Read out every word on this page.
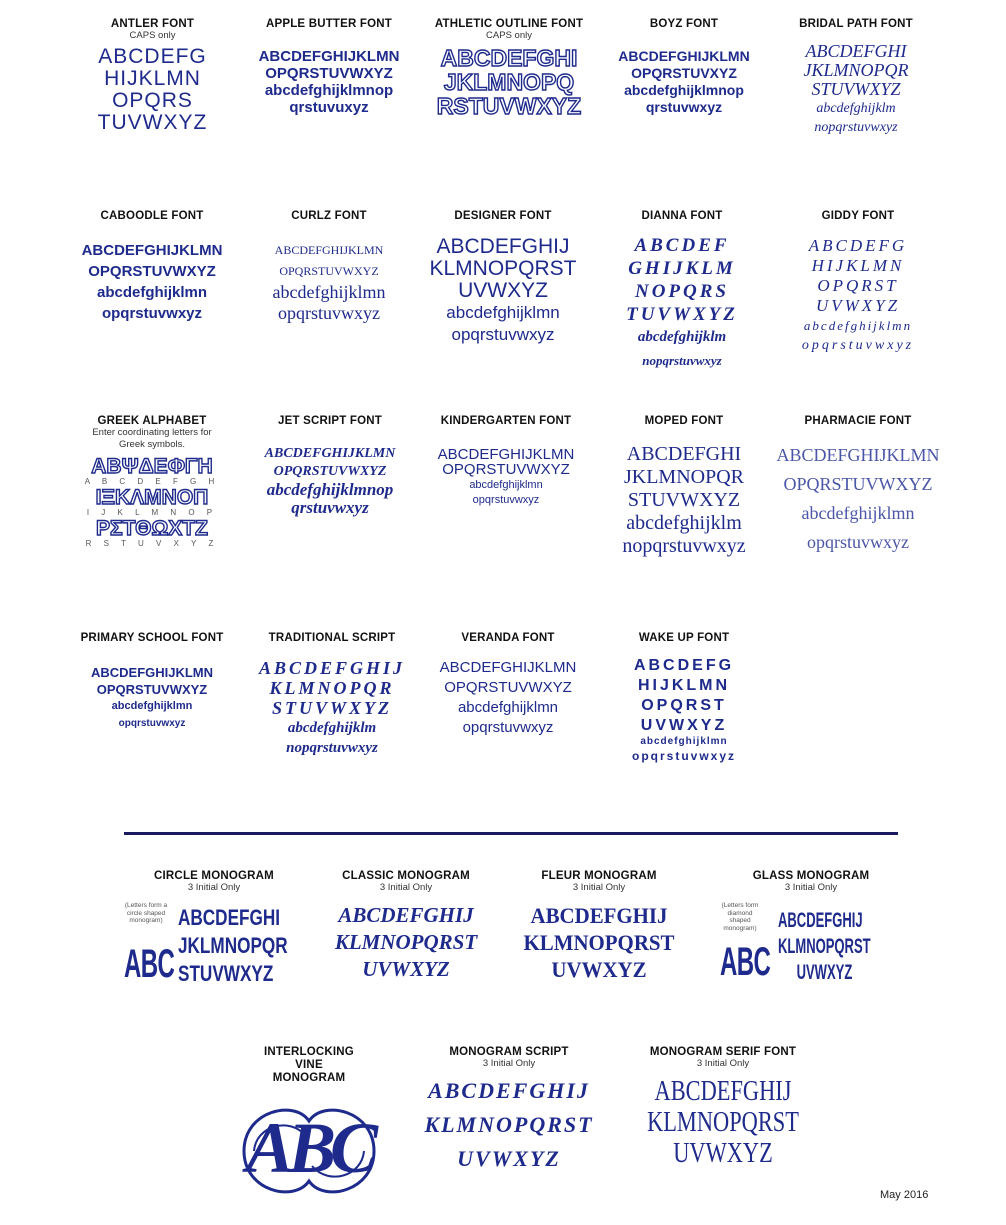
ANTLER FONT
CAPS only
ABCDEFG
HIJKLMN
OPQRS
TUVWXYZ
APPLE BUTTER FONT
ABCDEFGHIJKLMN
OPQRSTUVWXYZ
abcdefghijklmnop
qrstuvuxyz
ATHLETIC OUTLINE FONT
CAPS only
ABCDEFGHI
JKLMNOPQ
RSTUVWXYZ
BOYZ FONT
ABCDEFGHIJKLMN
OPQRSTUVXYZ
abcdefghijklmnop
qrstuvwxyz
BRIDAL PATH FONT
ABCDEFGHI
JKLMNOPQR
STUVWXYZ
abcdefghijklm
nopqrstuvwxyz
CABOODLE FONT
ABCDEFGHIJKLMN
OPQRSTUVWXYZ
abcdefghijklmn
opqrstuvwxyz
CURLZ FONT
ABCDEFGHIJKLMN
OPQRSTUVWXYZ
abcdefghijklmn
opqrstuvwxyz
DESIGNER FONT
ABCDEFGHIJ
KLMNOPQRST
UVWXYZ
abcdefghijklmn
opqrstuvwxyz
DIANNA FONT
ABCDEF
GHIJKLM
NOPQRS
TUVWXYZ
abcdefghijklm
nopqrstuvwxyz
GIDDY FONT
ABCDEFG
HIJKLMN
OPQRST
UVWXYZ
abcdefghijklmn
opqrstuvwxyz
GREEK ALPHABET
Enter coordinating letters for Greek symbols.
ΑΒΨΔΕΦΓΗ
A B C D E F G H
ΙΞΚΛΜΝΟΠ
I J K L M N O P
ΡΣΤΘΩΧΤΖ
R S T U V X Y Z
JET SCRIPT FONT
ABCDEFGHIJKLMN
OPQRSTUVWXYZ
abcdefghijklmnop
qrstuvwxyz
KINDERGARTEN FONT
ABCDEFGHIJKLMN
OPQRSTUVWXYZ
abcdefghijklmn
opqrstuvwxyz
MOPED FONT
ABCDEFGHI
JKLMNOPQR
STUVWXYZ
abcdefghijklm
nopqrstuvwxyz
PHARMACIE FONT
ABCDEFGHIJKLMN
OPQRSTUVWXYZ
abcdefghijklmn
opqrstuvwxyz
PRIMARY SCHOOL FONT
ABCDEFGHIJKLMN
OPQRSTUVWXYZ
abcdefghijklmn
opqrstuvwxyz
TRADITIONAL SCRIPT
ABCDEFGHIJ
KLMNOPQR
STUVWXYZ
abcdefghijklm
nopqrstuvwxyz
VERANDA FONT
ABCDEFGHIJKLMN
OPQRSTUVWXYZ
abcdefghijklmn
opqrstuvwxyz
WAKE UP FONT
ABCDEFG
HIJKLMN
OPQRST
UVWXYZ
abcdefghijklmn
opqrstuvwxyz
CIRCLE MONOGRAM
3 Initial Only
(Letters form a circle shaped monogram)
ABC
ABCDEFGHI
JKLMNOPQR
STUVWXYZ
CLASSIC MONOGRAM
3 Initial Only
ABCDEFGHIJ
KLMNOPQRST
UVWXYZ
FLEUR MONOGRAM
3 Initial Only
ABCDEFGHIJ
KLMNOPQRST
UVWXYZ
GLASS MONOGRAM
3 Initial Only
(Letters form diamond shaped monogram)
ABC
ABCDEFGHIJ
KLMNOPQRST
UVWXYZ
INTERLOCKING VINE MONOGRAM
ABC
MONOGRAM SCRIPT
3 Initial Only
ABCDEFGHIJ
KLMNOPQRST
UVWXYZ
MONOGRAM SERIF FONT
3 Initial Only
ABCDEFGHIJ
KLMNOPQRST
UVWXYZ
May 2016
